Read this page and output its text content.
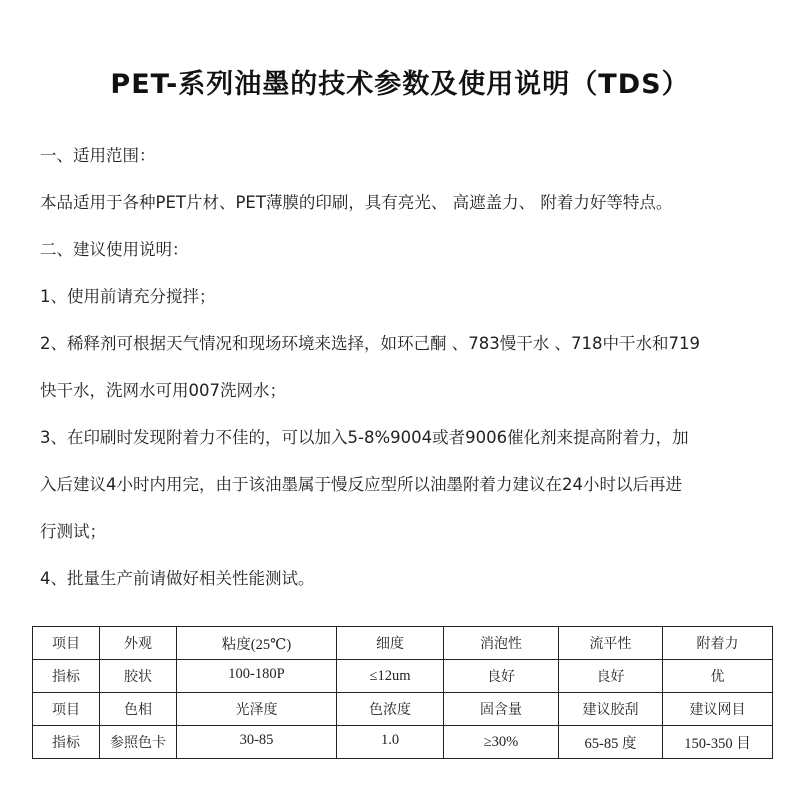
PET-系列油墨的技术参数及使用说明（TDS）
一、适用范围：
本品适用于各种PET片材、PET薄膜的印刷，具有亮光、 高遮盖力、 附着力好等特点。
二、建议使用说明：
1、使用前请充分搅拌；
2、稀释剂可根据天气情况和现场环境来选择，如环己酮 、783慢干水 、718中干水和719
快干水，洗网水可用007洗网水；
3、在印刷时发现附着力不佳的，可以加入5-8%9004或者9006催化剂来提高附着力，加
入后建议4小时内用完，由于该油墨属于慢反应型所以油墨附着力建议在24小时以后再进
行测试；
4、批量生产前请做好相关性能测试。
项目	外观	粘度(25℃)	细度	消泡性	流平性	附着力
指标	胶状	100-180P	≤12um	良好	良好	优
项目	色相	光泽度	色浓度	固含量	建议胶刮	建议网目
指标	参照色卡	30-85	1.0	≥30%	65-85 度	150-350 目
